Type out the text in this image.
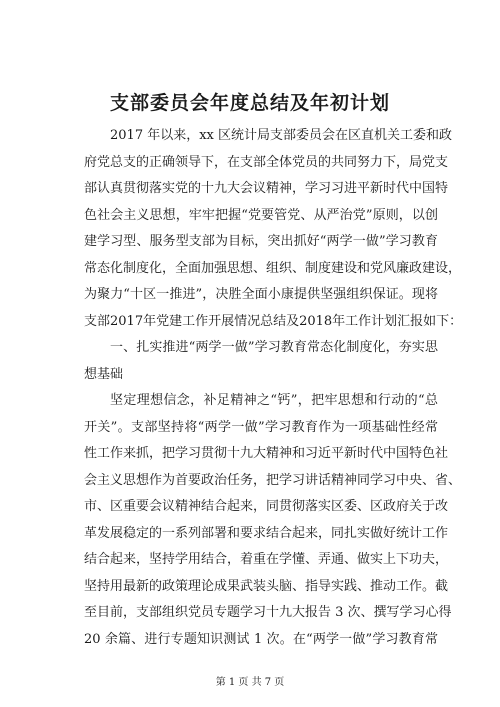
支部委员会年度总结及年初计划
2017 年以来，xx 区统计局支部委员会在区直机关工委和政
府党总支的正确领导下，在支部全体党员的共同努力下，局党支
部认真贯彻落实党的十九大会议精神，学习习进平新时代中国特
色社会主义思想，牢牢把握“党要管党、从严治党”原则，以创
建学习型、服务型支部为目标，突出抓好“两学一做”学习教育
常态化制度化，全面加强思想、组织、制度建设和党风廉政建设，
为聚力“十区一推进”，决胜全面小康提供坚强组织保证。现将
支部2017年党建工作开展情况总结及2018年工作计划汇报如下：
一、扎实推进“两学一做”学习教育常态化制度化，夯实思
想基础
坚定理想信念，补足精神之“钙”，把牢思想和行动的“总
开关”。支部坚持将“两学一做”学习教育作为一项基础性经常
性工作来抓，把学习贯彻十九大精神和习近平新时代中国特色社
会主义思想作为首要政治任务，把学习讲话精神同学习中央、省、
市、区重要会议精神结合起来，同贯彻落实区委、区政府关于改
革发展稳定的一系列部署和要求结合起来，同扎实做好统计工作
结合起来，坚持学用结合，着重在学懂、弄通、做实上下功夫，
坚持用最新的政策理论成果武装头脑、指导实践、推动工作。截
至目前，支部组织党员专题学习十九大报告 3 次、撰写学习心得
20 余篇、进行专题知识测试 1 次。在“两学一做”学习教育常
第 1 页 共 7 页
